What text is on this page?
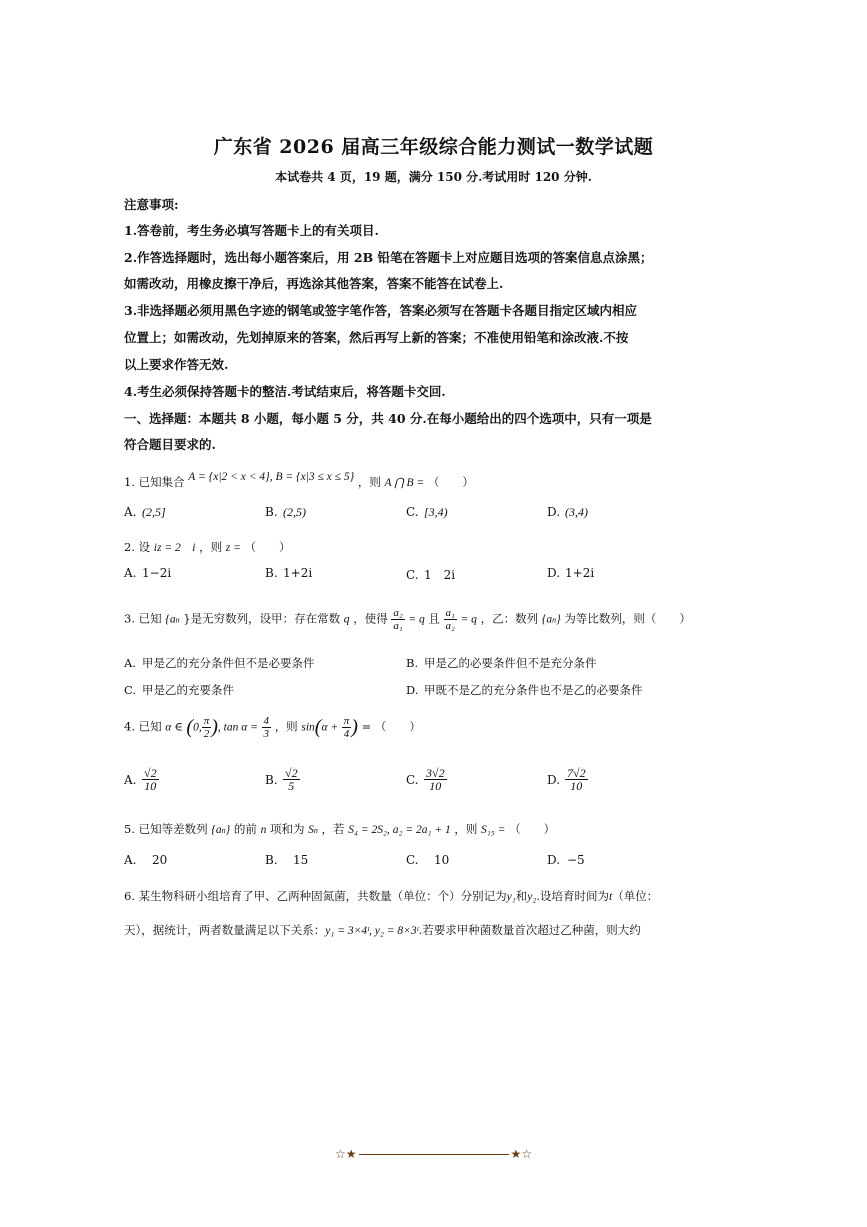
广东省 2026 届高三年级综合能力测试一数学试题
本试卷共 4 页，19 题，满分 150 分.考试用时 120 分钟.
注意事项:
1.答卷前，考生务必填写答题卡上的有关项目.
2.作答选择题时，选出每小题答案后，用 2B 铅笔在答题卡上对应题目选项的答案信息点涂黑；
如需改动，用橡皮擦干净后，再选涂其他答案，答案不能答在试卷上.
3.非选择题必须用黑色字迹的钢笔或签字笔作答，答案必须写在答题卡各题目指定区域内相应
位置上；如需改动，先划掉原来的答案，然后再写上新的答案；不准使用铅笔和涂改液.不按
以上要求作答无效.
4.考生必须保持答题卡的整洁.考试结束后，将答题卡交回.
一、选择题：本题共 8 小题，每小题 5 分，共 40 分.在每小题给出的四个选项中，只有一项是
符合题目要求的.
1. 已知集合 A = {x|2 < x < 4}, B = {x|3 ≤ x ≤ 5} ，则 A ⋂ B = （　　）
A. (2,5]	B. (2,5)	C. [3,4)	D. (3,4)
2. 设 iz = 2　i ，则 z = （　　）
A. 1−2i	B. 1+2i	C. 1　2i	D. 1+2i
3. 已知 {an }是无穷数列，设甲：存在常数 q ，使得 $\frac{\text{a₂}}{\text{a₁}} = q$ 且 $\frac{\text{a₁}}{\text{a₂}} = q$ ，乙：数列 {an} 为等比数列，则（　　）
A. 甲是乙的充分条件但不是必要条件	B. 甲是乙的必要条件但不是充分条件
C. 甲是乙的充要条件	D. 甲既不是乙的充分条件也不是乙的必要条件
4. 已知 α ∈ (0, $\frac{\pi}{2}$ ), $\tan \alpha = \frac{4}{3}$ ，则 $\sin(\alpha + \frac{\pi}{4}$ ) = （　　）
A. $\frac{√2}{10}$	B. $\frac{√2}{5}$	C. $\frac{3√2}{10}$	D. $\frac{7√2}{10}$
5. 已知等差数列 {an} 的前 n 项和为 Sn ，若 S₄ = 2S₂, a₂ = 2a₁ + 1 ，则 S₁₅ = （　　）
A. 20	B. 15	C. 10	D. −5
6. 某生物科研小组培育了甲、乙两种固氮菌，共数量（单位：个）分别记为y₁和y₂.设培育时间为t（单位：
天），据统计，两者数量满足以下关系：y₁ = 3×4ᵗ, y₂ = 8×3ᵗ.若要求甲种菌数量首次超过乙种菌，则大约
☆★	★☆
